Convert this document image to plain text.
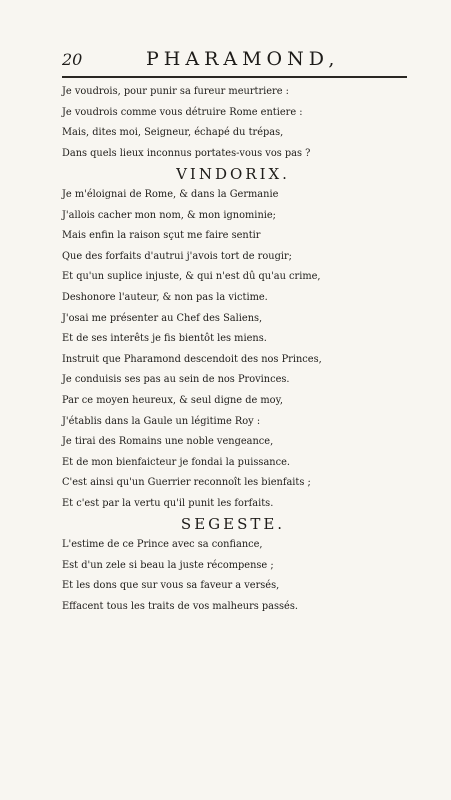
20	PHARAMOND,
Je voudrois, pour punir sa fureur meurtriere :
Je voudrois comme vous détruire Rome entiere :
Mais, dites moi, Seigneur, échapé du trépas,
Dans quels lieux inconnus portates-vous vos pas ?
VINDORIX.
Je m'éloignai de Rome, & dans la Germanie
J'allois cacher mon nom, & mon ignominie;
Mais enfin la raison sçut me faire sentir
Que des forfaits d'autrui j'avois tort de rougir;
Et qu'un suplice injuste, & qui n'est dû qu'au crime,
Deshonore l'auteur, & non pas la victime.
J'osai me présenter au Chef des Saliens,
Et de ses interêts je fis bientôt les miens.
Instruit que Pharamond descendoit des nos Princes,
Je conduisis ses pas au sein de nos Provinces.
Par ce moyen heureux, & seul digne de moy,
J'établis dans la Gaule un légitime Roy :
Je tirai des Romains une noble vengeance,
Et de mon bienfaicteur je fondai la puissance.
C'est ainsi qu'un Guerrier reconnoît les bienfaits ;
Et c'est par la vertu qu'il punit les forfaits.
SEGESTE.
L'estime de ce Prince avec sa confiance,
Est d'un zele si beau la juste récompense ;
Et les dons que sur vous sa faveur a versés,
Effacent tous les traits de vos malheurs passés.
